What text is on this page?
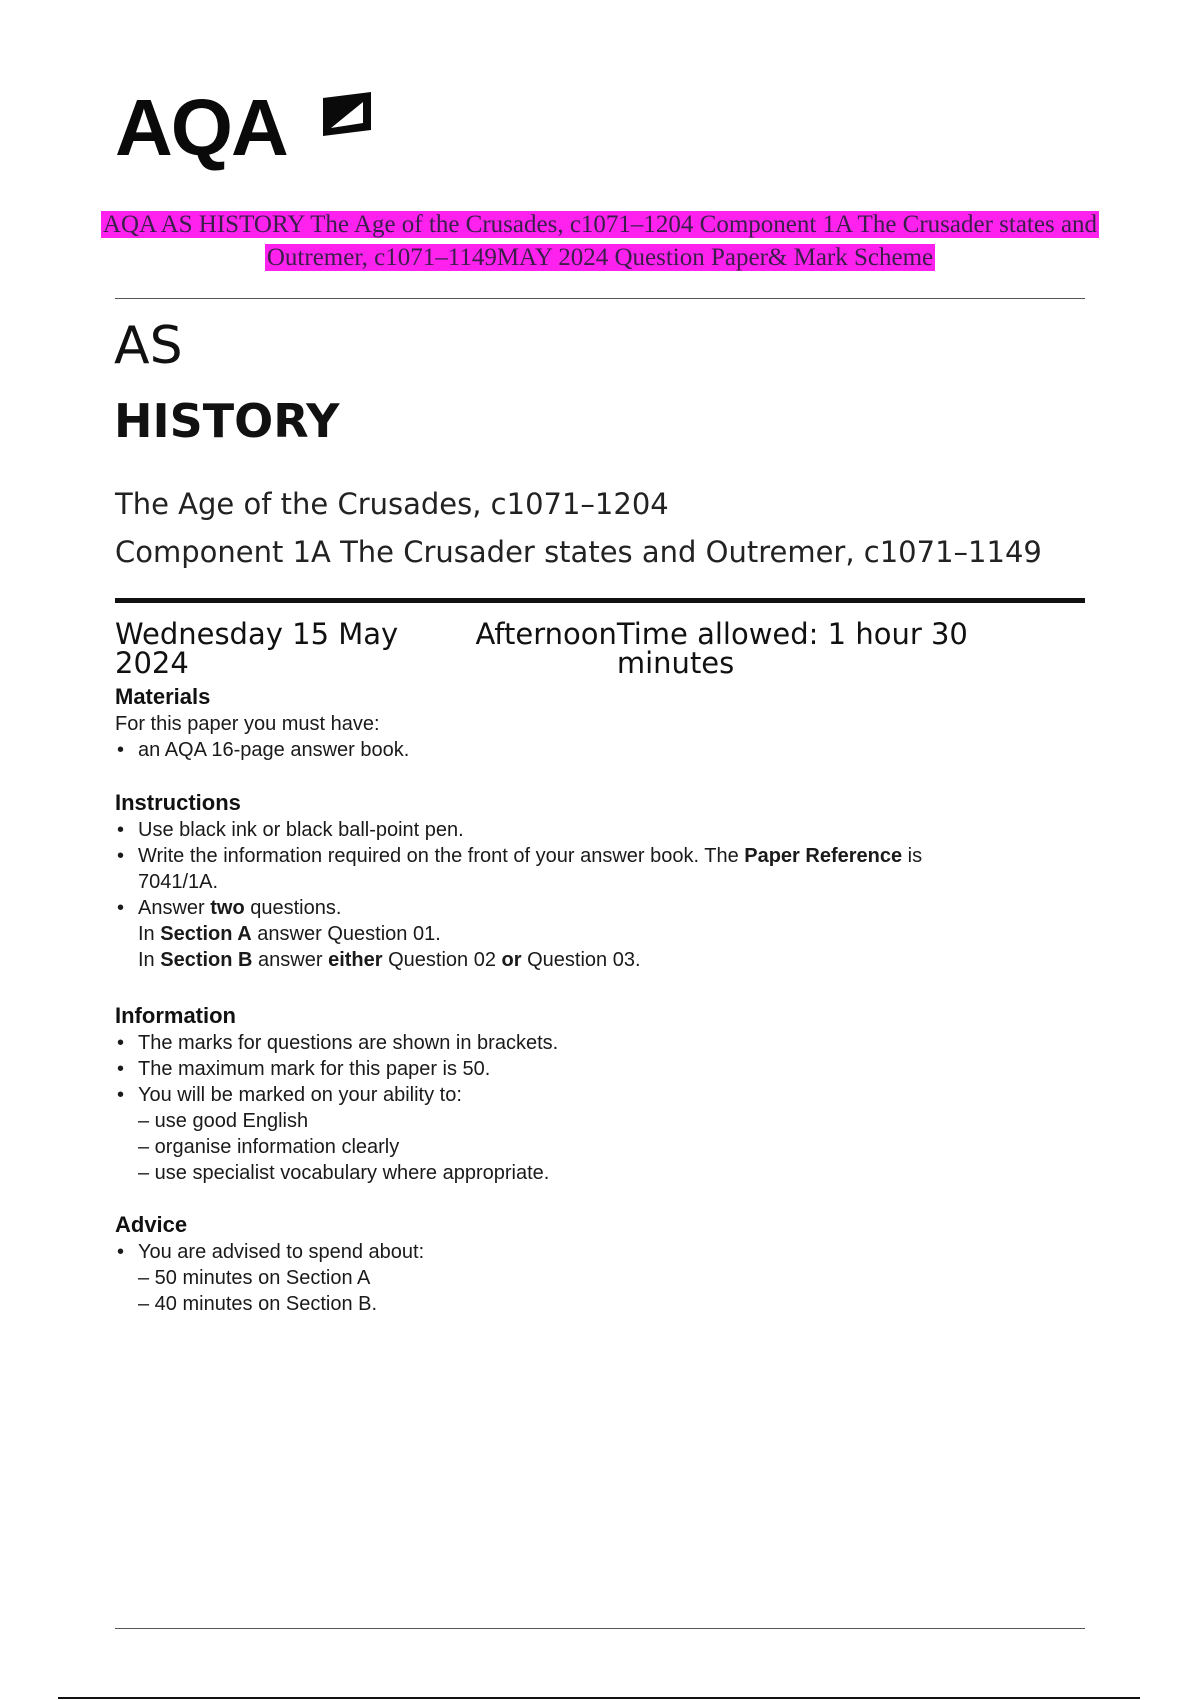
AQA
AQA AS HISTORY The Age of the Crusades, c1071–1204 Component 1A The Crusader states and Outremer, c1071–1149MAY 2024 Question Paper& Mark Scheme
AS
HISTORY
The Age of the Crusades, c1071–1204
Component 1A The Crusader states and Outremer, c1071–1149
Wednesday 15 May 2024
Afternoon Time allowed: 1 hour 30 minutes
Materials
For this paper you must have:
• an AQA 16-page answer book.
Instructions
• Use black ink or black ball-point pen.
• Write the information required on the front of your answer book. The Paper Reference is
7041/1A.
• Answer two questions.
In Section A answer Question 01.
In Section B answer either Question 02 or Question 03.
Information
• The marks for questions are shown in brackets.
• The maximum mark for this paper is 50.
• You will be marked on your ability to:
– use good English
– organise information clearly
– use specialist vocabulary where appropriate.
Advice
• You are advised to spend about:
– 50 minutes on Section A
– 40 minutes on Section B.
